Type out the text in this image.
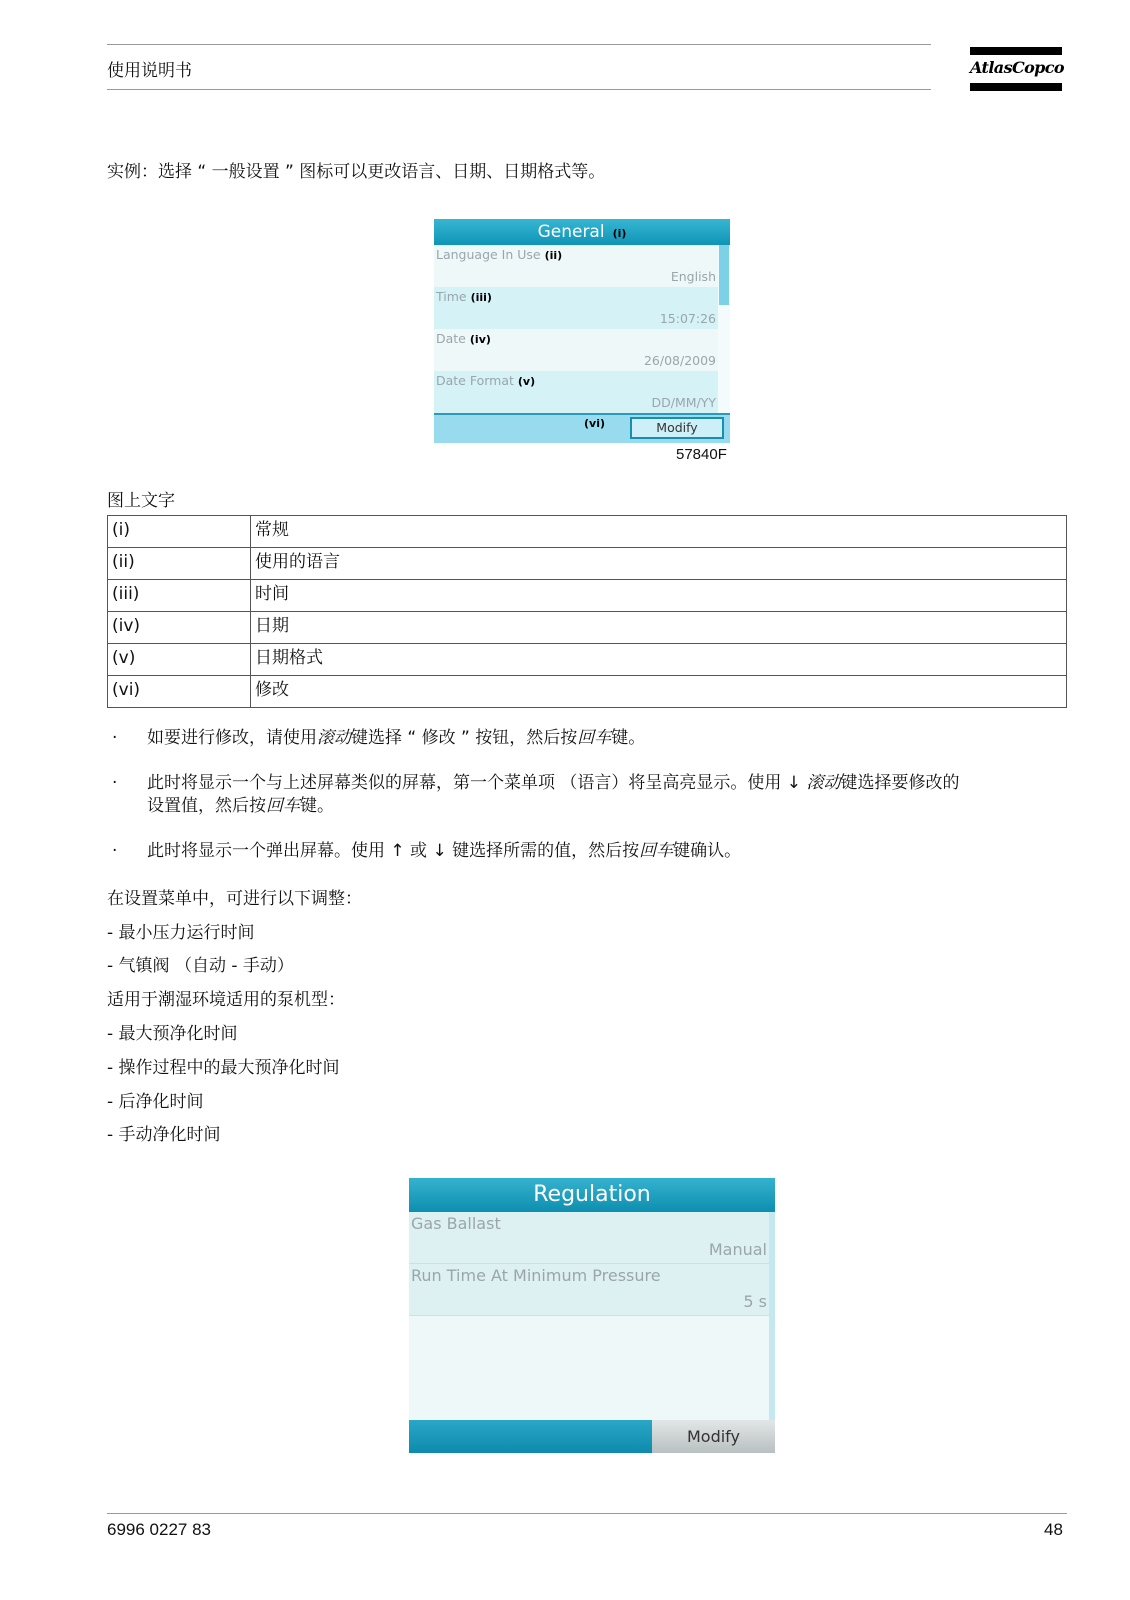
使用说明书	AtlasCopco
实例：选择 “ 一般设置 ” 图标可以更改语言、日期、日期格式等。
General (i)
Language In Use (ii)
English
Time (iii)
15:07:26
Date (iv)
26/08/2009
Date Format (v)
DD/MM/YY
(vi)	Modify
57840F
图上文字
(i)	常规
(ii)	使用的语言
(iii)	时间
(iv)	日期
(v)	日期格式
(vi)	修改
· 如要进行修改，请使用滚动键选择 “ 修改 ” 按钮，然后按回车键。
· 此时将显示一个与上述屏幕类似的屏幕，第一个菜单项 （语言）将呈高亮显示。使用 ↓ 滚动键选择要修改的
设置值，然后按回车键。
· 此时将显示一个弹出屏幕。使用 ↑ 或 ↓ 键选择所需的值，然后按回车键确认。
在设置菜单中，可进行以下调整：
- 最小压力运行时间
- 气镇阀 （自动 - 手动）
适用于潮湿环境适用的泵机型：
- 最大预净化时间
- 操作过程中的最大预净化时间
- 后净化时间
- 手动净化时间
Regulation
Gas Ballast
Manual
Run Time At Minimum Pressure
5 s
Modify
6996 0227 83	48
